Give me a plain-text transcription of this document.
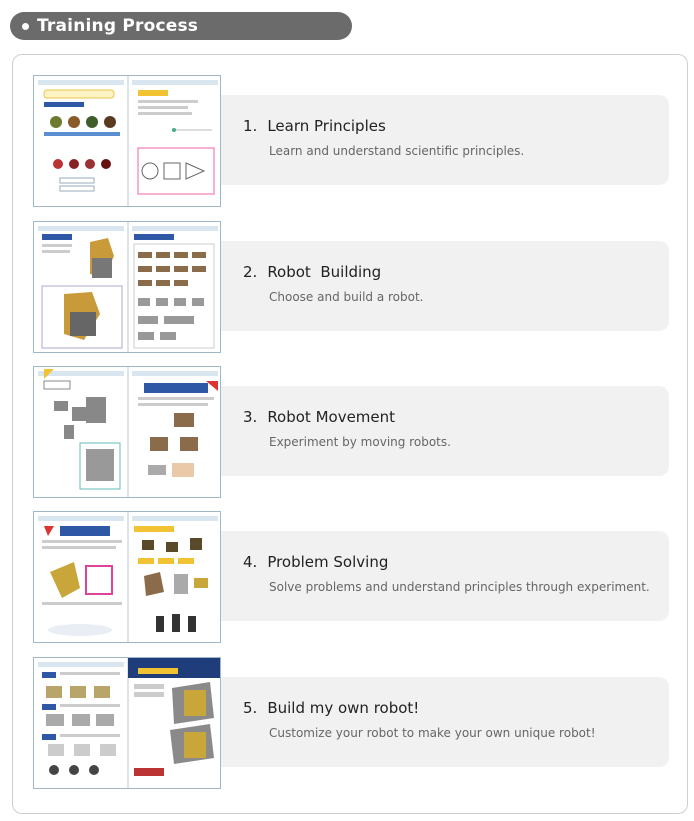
Training Process
1. Learn Principles
Learn and understand scientific principles.
2. Robot  Building
Choose and build a robot.
3. Robot Movement
Experiment by moving robots.
4. Problem Solving
Solve problems and understand principles through experiment.
5. Build my own robot!
Customize your robot to make your own unique robot!
